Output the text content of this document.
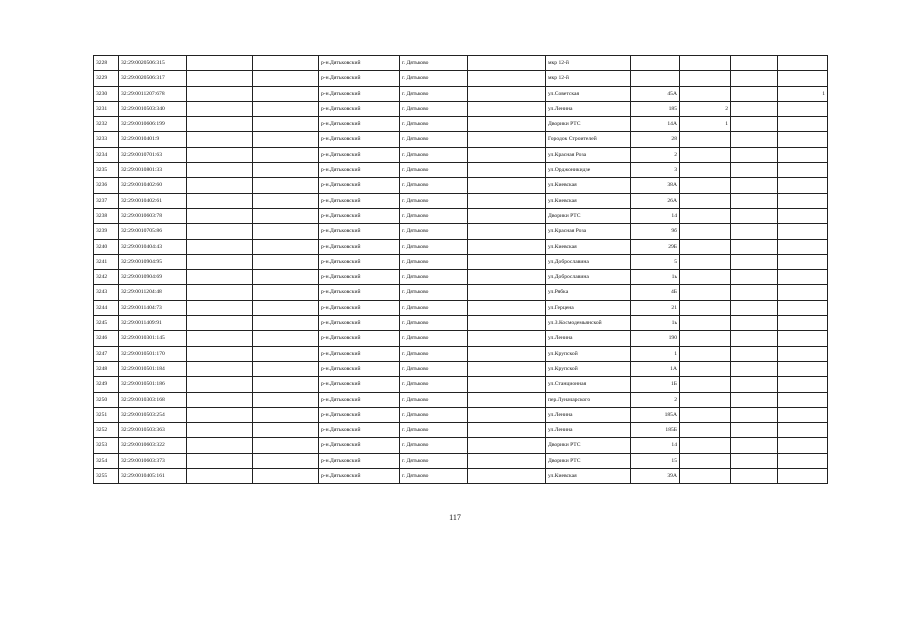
3228	32:29:0020506:315			р-н.Дятьковский	г. Дятьково		мкр 12-й				
3229	32:29:0020506:317			р-н.Дятьковский	г. Дятьково		мкр 12-й				
3230	32:29:0011207:678			р-н.Дятьковский	г. Дятьково		ул.Советская	45А			1
3231	32:29:0010503:340			р-н.Дятьковский	г. Дятьково		ул.Ленина	185	2		
3232	32:29:0010606:199			р-н.Дятьковский	г. Дятьково		Дворики РТС	14А	1		
3233	32:29:0010401:9			р-н.Дятьковский	г. Дятьково		Городок Строителей	28			
3234	32:29:0010701:63			р-н.Дятьковский	г. Дятьково		ул.Красная Роза	2			
3235	32:29:0010801:33			р-н.Дятьковский	г. Дятьково		ул.Орджоникидзе	3			
3236	32:29:0010402:60			р-н.Дятьковский	г. Дятьково		ул.Киевская	38А			
3237	32:29:0010402:61			р-н.Дятьковский	г. Дятьково		ул.Киевская	26А			
3238	32:29:0010603:78			р-н.Дятьковский	г. Дятьково		Дворики РТС	14			
3239	32:29:0010705:86			р-н.Дятьковский	г. Дятьково		ул.Красная Роза	9б			
3240	32:29:0010404:43			р-н.Дятьковский	г. Дятьково		ул.Киевская	29Б			
3241	32:29:0010904:95			р-н.Дятьковский	г. Дятьково		ул.Доброславина	5			
3242	32:29:0010904:69			р-н.Дятьковский	г. Дятьково		ул.Доброславина	1ь			
3243	32:29:0011204:48			р-н.Дятьковский	г. Дятьково		ул.Рябка	4Б			
3244	32:29:0011404:73			р-н.Дятьковский	г. Дятьково		ул.Герцена	21			
3245	32:29:0011409:91			р-н.Дятьковский	г. Дятьково		ул.З.Космодемьянской	1ь			
3246	32:29:0010301:145			р-н.Дятьковский	г. Дятьково		ул.Ленина	190			
3247	32:29:0010501:170			р-н.Дятьковский	г. Дятьково		ул.Крупской	1			
3248	32:29:0010501:184			р-н.Дятьковский	г. Дятьково		ул.Крупской	1А			
3249	32:29:0010501:186			р-н.Дятьковский	г. Дятьково		ул.Станционная	1Б			
3250	32:29:0010303:168			р-н.Дятьковский	г. Дятьково		пер.Луначарского	2			
3251	32:29:0010503:254			р-н.Дятьковский	г. Дятьково		ул.Ленина	185А			
3252	32:29:0010503:363			р-н.Дятьковский	г. Дятьково		ул.Ленина	185Б			
3253	32:29:0010603:322			р-н.Дятьковский	г. Дятьково		Дворики РТС	14			
3254	32:29:0010603:373			р-н.Дятьковский	г. Дятьково		Дворики РТС	15			
3255	32:29:0010405:161			р-н.Дятьковский	г. Дятьково		ул.Киевская	39А			
117
